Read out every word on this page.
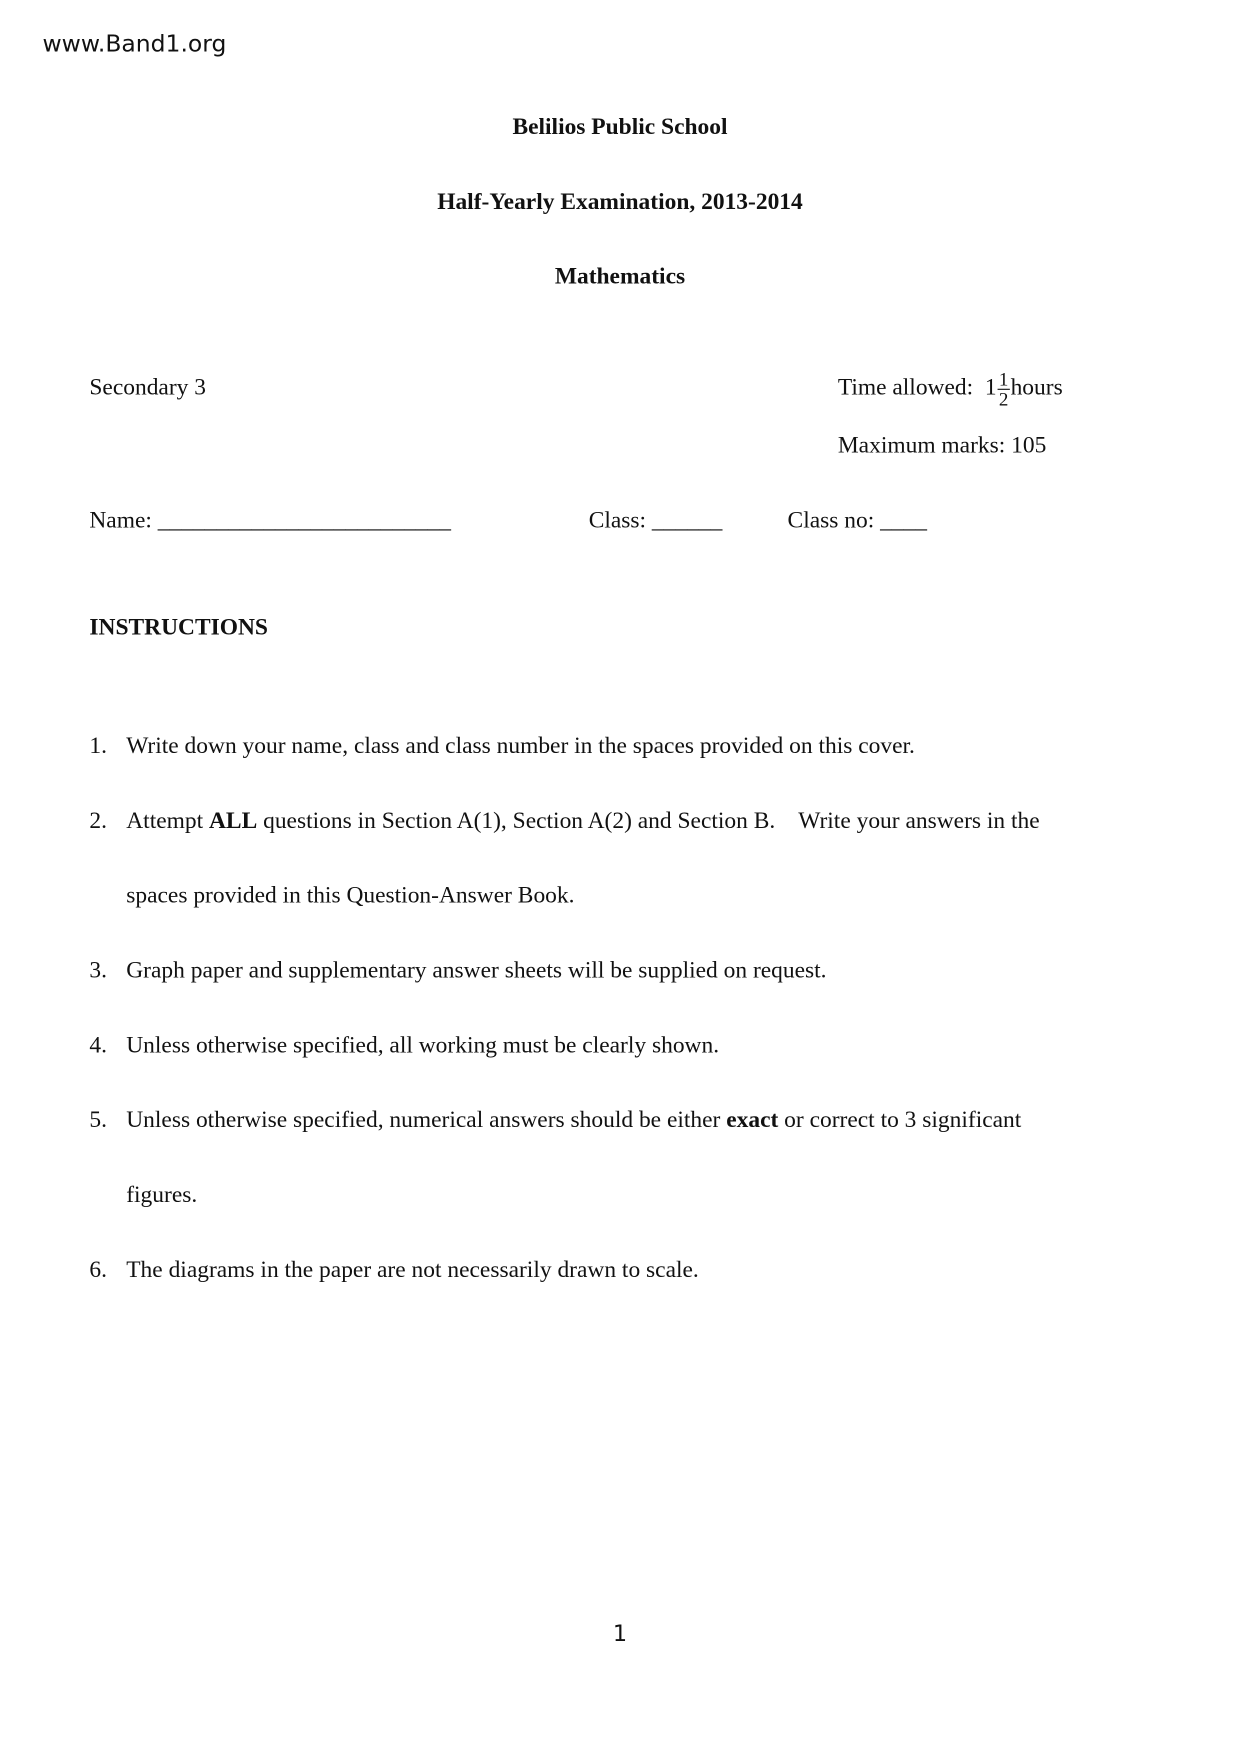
www.Band1.org
Belilios Public School
Half-Yearly Examination, 2013-2014
Mathematics
Secondary 3	Time allowed: $1 \frac{1}{2}$ hours
Maximum marks: 105
Name: _________________________	Class: ______	Class no: ____
INSTRUCTIONS
1. Write down your name, class and class number in the spaces provided on this cover.
2. Attempt ALL questions in Section A(1), Section A(2) and Section B.    Write your answers in the
spaces provided in this Question-Answer Book.
3. Graph paper and supplementary answer sheets will be supplied on request.
4. Unless otherwise specified, all working must be clearly shown.
5. Unless otherwise specified, numerical answers should be either exact or correct to 3 significant
figures.
6. The diagrams in the paper are not necessarily drawn to scale.
1
